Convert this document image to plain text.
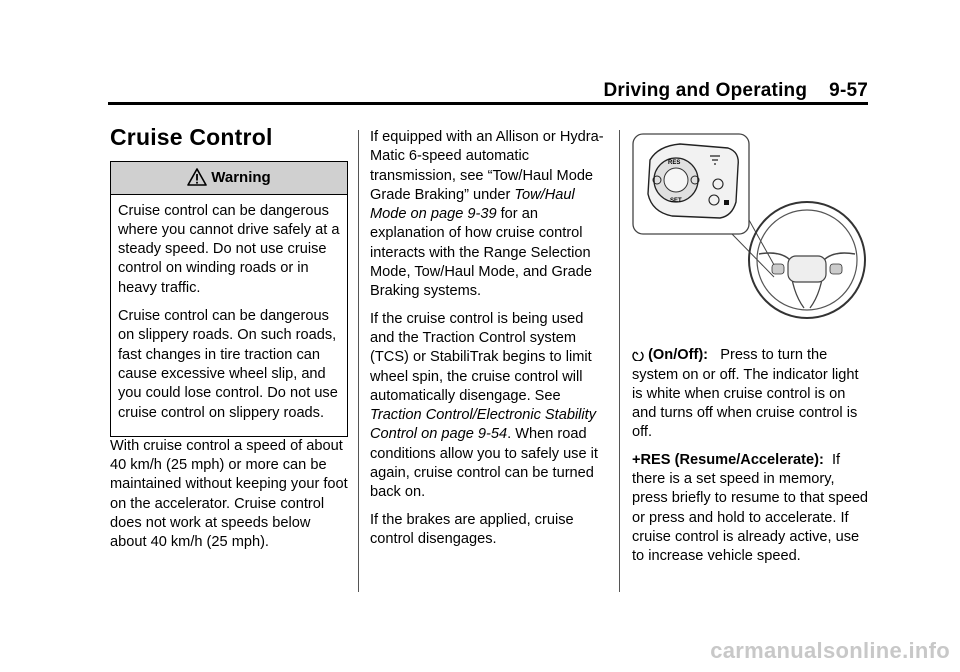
Driving and Operating 9-57
Cruise Control
Warning

Cruise control can be dangerous where you cannot drive safely at a steady speed. Do not use cruise control on winding roads or in heavy traffic.

Cruise control can be dangerous on slippery roads. On such roads, fast changes in tire traction can cause excessive wheel slip, and you could lose control. Do not use cruise control on slippery roads.

With cruise control a speed of about 40 km/h (25 mph) or more can be maintained without keeping your foot on the accelerator. Cruise control does not work at speeds below about 40 km/h (25 mph).

If equipped with an Allison or Hydra-Matic 6-speed automatic transmission, see “Tow/Haul Mode Grade Braking” under Tow/Haul Mode on page 9-39 for an explanation of how cruise control interacts with the Range Selection Mode, Tow/Haul Mode, and Grade Braking systems.

If the cruise control is being used and the Traction Control system (TCS) or StabiliTrak begins to limit wheel spin, the cruise control will automatically disengage. See Traction Control/Electronic Stability Control on page 9-54. When road conditions allow you to safely use it again, cruise control can be turned back on.

If the brakes are applied, cruise control disengages.

RES
SET

(On/Off): Press to turn the system on or off. The indicator light is white when cruise control is on and turns off when cruise control is off.

+RES (Resume/Accelerate): If there is a set speed in memory, press briefly to resume to that speed or press and hold to accelerate. If cruise control is already active, use to increase vehicle speed.

carmanualsonline.info
